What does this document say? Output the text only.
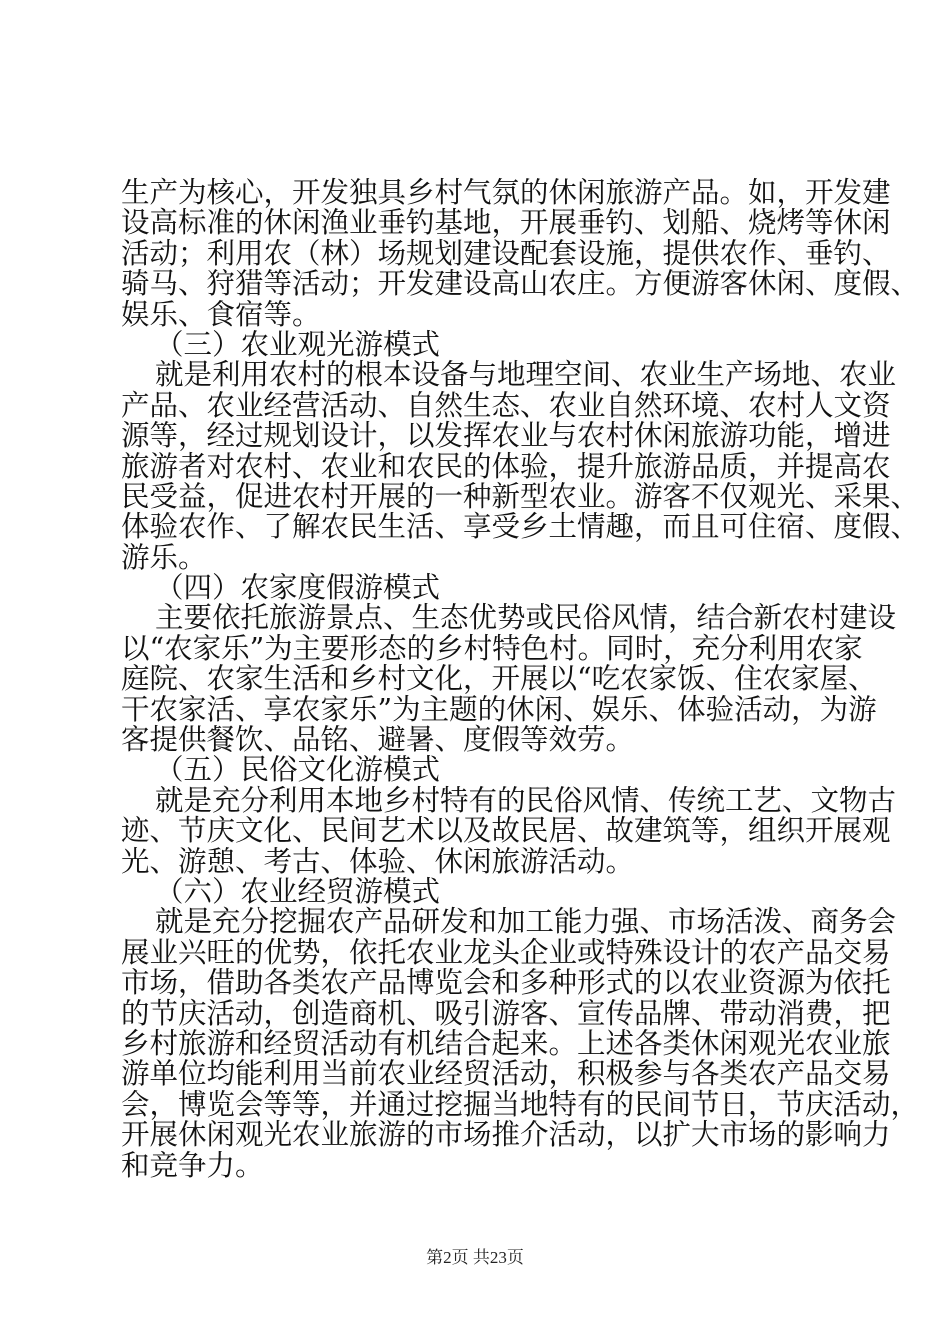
生产为核心，开发独具乡村气氛的休闲旅游产品。如，开发建
设高标准的休闲渔业垂钓基地，开展垂钓、划船、烧烤等休闲
活动；利用农（林）场规划建设配套设施，提供农作、垂钓、
骑马、狩猎等活动；开发建设高山农庄。方便游客休闲、度假、
娱乐、食宿等。
（三）农业观光游模式
就是利用农村的根本设备与地理空间、农业生产场地、农业
产品、农业经营活动、自然生态、农业自然环境、农村人文资
源等，经过规划设计，以发挥农业与农村休闲旅游功能，增进
旅游者对农村、农业和农民的体验，提升旅游品质，并提高农
民受益，促进农村开展的一种新型农业。游客不仅观光、采果、
体验农作、了解农民生活、享受乡土情趣，而且可住宿、度假、
游乐。
（四）农家度假游模式
主要依托旅游景点、生态优势或民俗风情，结合新农村建设
以“农家乐”为主要形态的乡村特色村。同时，充分利用农家
庭院、农家生活和乡村文化，开展以“吃农家饭、住农家屋、
干农家活、享农家乐”为主题的休闲、娱乐、体验活动，为游
客提供餐饮、品铭、避暑、度假等效劳。
（五）民俗文化游模式
就是充分利用本地乡村特有的民俗风情、传统工艺、文物古
迹、节庆文化、民间艺术以及故民居、故建筑等，组织开展观
光、游憩、考古、体验、休闲旅游活动。
（六）农业经贸游模式
就是充分挖掘农产品研发和加工能力强、市场活泼、商务会
展业兴旺的优势，依托农业龙头企业或特殊设计的农产品交易
市场，借助各类农产品博览会和多种形式的以农业资源为依托
的节庆活动，创造商机、吸引游客、宣传品牌、带动消费，把
乡村旅游和经贸活动有机结合起来。上述各类休闲观光农业旅
游单位均能利用当前农业经贸活动，积极参与各类农产品交易
会，博览会等等，并通过挖掘当地特有的民间节日，节庆活动，
开展休闲观光农业旅游的市场推介活动，以扩大市场的影响力
和竞争力。
第2页 共23页
